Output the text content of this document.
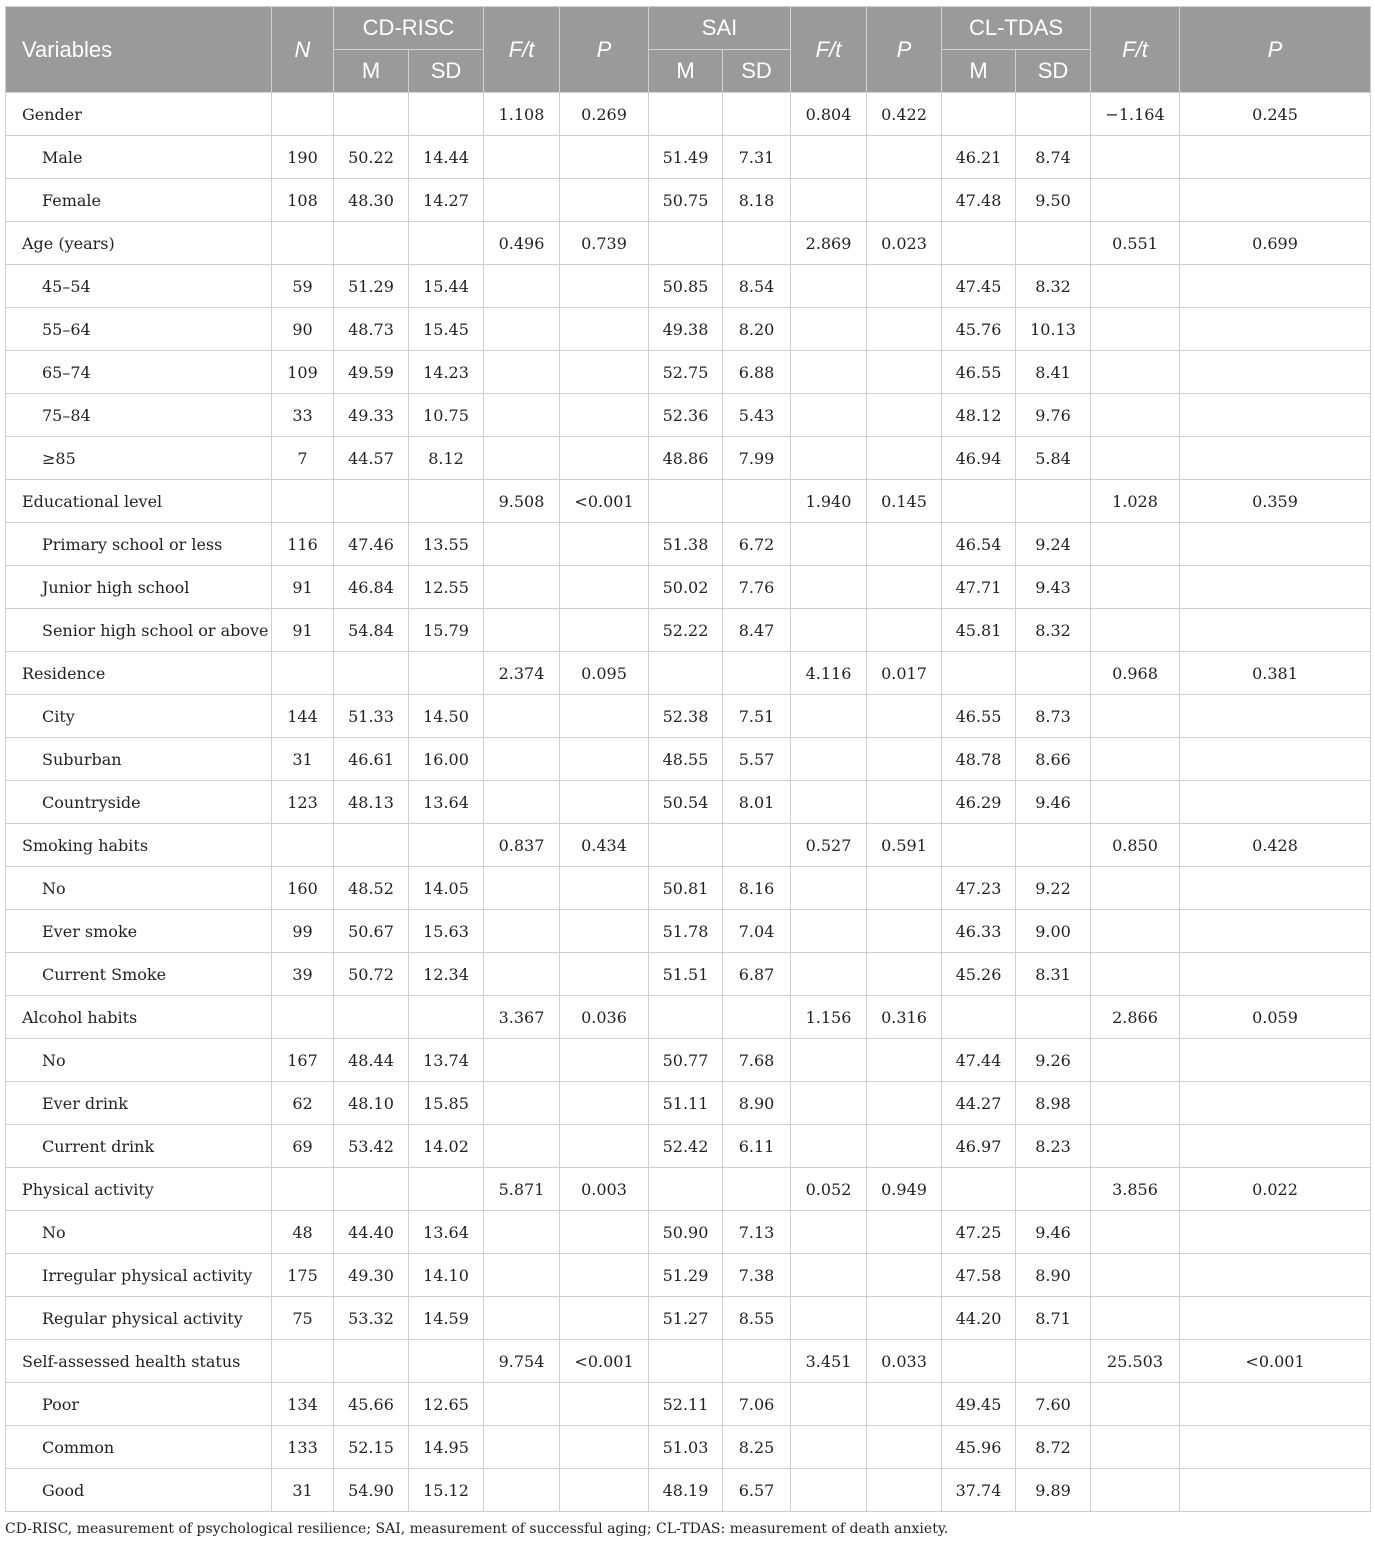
Variables	N	CD-RISC		F/t	P	SAI		F/t	P	CL-TDAS		F/t	P
		M	SD			M	SD			M	SD		
Gender				1.108	0.269			0.804	0.422			−1.164	0.245
Male	190	50.22	14.44			51.49	7.31			46.21	8.74		
Female	108	48.30	14.27			50.75	8.18			47.48	9.50		
Age (years)				0.496	0.739			2.869	0.023			0.551	0.699
45–54	59	51.29	15.44			50.85	8.54			47.45	8.32		
55–64	90	48.73	15.45			49.38	8.20			45.76	10.13		
65–74	109	49.59	14.23			52.75	6.88			46.55	8.41		
75–84	33	49.33	10.75			52.36	5.43			48.12	9.76		
≥85	7	44.57	8.12			48.86	7.99			46.94	5.84		
Educational level				9.508	<0.001			1.940	0.145			1.028	0.359
Primary school or less	116	47.46	13.55			51.38	6.72			46.54	9.24		
Junior high school	91	46.84	12.55			50.02	7.76			47.71	9.43		
Senior high school or above	91	54.84	15.79			52.22	8.47			45.81	8.32		
Residence				2.374	0.095			4.116	0.017			0.968	0.381
City	144	51.33	14.50			52.38	7.51			46.55	8.73		
Suburban	31	46.61	16.00			48.55	5.57			48.78	8.66		
Countryside	123	48.13	13.64			50.54	8.01			46.29	9.46		
Smoking habits				0.837	0.434			0.527	0.591			0.850	0.428
No	160	48.52	14.05			50.81	8.16			47.23	9.22		
Ever smoke	99	50.67	15.63			51.78	7.04			46.33	9.00		
Current Smoke	39	50.72	12.34			51.51	6.87			45.26	8.31		
Alcohol habits				3.367	0.036			1.156	0.316			2.866	0.059
No	167	48.44	13.74			50.77	7.68			47.44	9.26		
Ever drink	62	48.10	15.85			51.11	8.90			44.27	8.98		
Current drink	69	53.42	14.02			52.42	6.11			46.97	8.23		
Physical activity				5.871	0.003			0.052	0.949			3.856	0.022
No	48	44.40	13.64			50.90	7.13			47.25	9.46		
Irregular physical activity	175	49.30	14.10			51.29	7.38			47.58	8.90		
Regular physical activity	75	53.32	14.59			51.27	8.55			44.20	8.71		
Self-assessed health status				9.754	<0.001			3.451	0.033			25.503	<0.001
Poor	134	45.66	12.65			52.11	7.06			49.45	7.60		
Common	133	52.15	14.95			51.03	8.25			45.96	8.72		
Good	31	54.90	15.12			48.19	6.57			37.74	9.89		
CD-RISC, measurement of psychological resilience; SAI, measurement of successful aging; CL-TDAS: measurement of death anxiety.
